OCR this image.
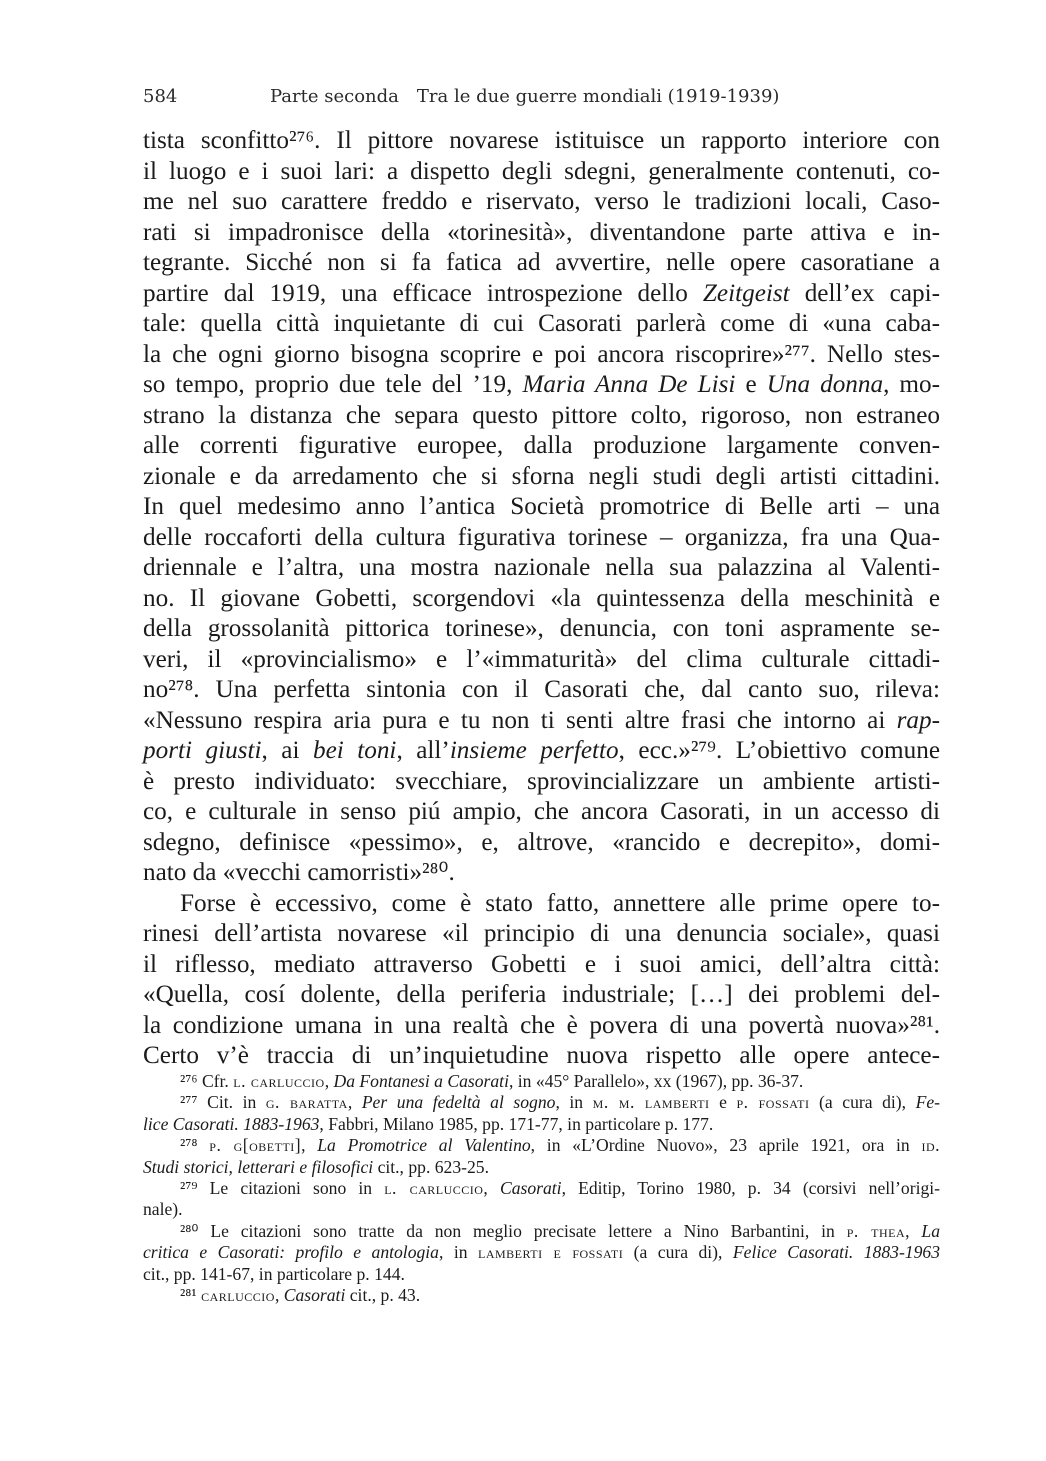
584	Parte seconda Tra le due guerre mondiali (1919-1939)
tista sconfitto²⁷⁶. Il pittore novarese istituisce un rapporto interiore con
il luogo e i suoi lari: a dispetto degli sdegni, generalmente contenuti, co-
me nel suo carattere freddo e riservato, verso le tradizioni locali, Caso-
rati si impadronisce della «torinesità», diventandone parte attiva e in-
tegrante. Sicché non si fa fatica ad avvertire, nelle opere casoratiane a
partire dal 1919, una efficace introspezione dello Zeitgeist dell’ex capi-
tale: quella città inquietante di cui Casorati parlerà come di «una caba-
la che ogni giorno bisogna scoprire e poi ancora riscoprire»²⁷⁷. Nello stes-
so tempo, proprio due tele del ’19, Maria Anna De Lisi e Una donna, mo-
strano la distanza che separa questo pittore colto, rigoroso, non estraneo
alle correnti figurative europee, dalla produzione largamente conven-
zionale e da arredamento che si sforna negli studi degli artisti cittadini.
In quel medesimo anno l’antica Società promotrice di Belle arti – una
delle roccaforti della cultura figurativa torinese – organizza, fra una Qua-
driennale e l’altra, una mostra nazionale nella sua palazzina al Valenti-
no. Il giovane Gobetti, scorgendovi «la quintessenza della meschinità e
della grossolanità pittorica torinese», denuncia, con toni aspramente se-
veri, il «provincialismo» e l’«immaturità» del clima culturale cittadi-
no²⁷⁸. Una perfetta sintonia con il Casorati che, dal canto suo, rileva:
«Nessuno respira aria pura e tu non ti senti altre frasi che intorno ai rap-
porti giusti, ai bei toni, all’insieme perfetto, ecc.»²⁷⁹. L’obiettivo comune
è presto individuato: svecchiare, sprovincializzare un ambiente artisti-
co, e culturale in senso piú ampio, che ancora Casorati, in un accesso di
sdegno, definisce «pessimo», e, altrove, «rancido e decrepito», domi-
nato da «vecchi camorristi»²⁸⁰.
Forse è eccessivo, come è stato fatto, annettere alle prime opere to-
rinesi dell’artista novarese «il principio di una denuncia sociale», quasi
il riflesso, mediato attraverso Gobetti e i suoi amici, dell’altra città:
«Quella, cosí dolente, della periferia industriale; […] dei problemi del-
la condizione umana in una realtà che è povera di una povertà nuova»²⁸¹.
Certo v’è traccia di un’inquietudine nuova rispetto alle opere antece-
²⁷⁶ Cfr. l. carluccio, Da Fontanesi a Casorati, in «45° Parallelo», xx (1967), pp. 36-37.
²⁷⁷ Cit. in g. baratta, Per una fedeltà al sogno, in m. m. lamberti e p. fossati (a cura di), Fe-
lice Casorati. 1883-1963, Fabbri, Milano 1985, pp. 171-77, in particolare p. 177.
²⁷⁸ p. g[obetti], La Promotrice al Valentino, in «L’Ordine Nuovo», 23 aprile 1921, ora in id.
Studi storici, letterari e filosofici cit., pp. 623-25.
²⁷⁹ Le citazioni sono in l. carluccio, Casorati, Editip, Torino 1980, p. 34 (corsivi nell’origi-
nale).
²⁸⁰ Le citazioni sono tratte da non meglio precisate lettere a Nino Barbantini, in p. thea, La
critica e Casorati: profilo e antologia, in lamberti e fossati (a cura di), Felice Casorati. 1883-1963
cit., pp. 141-67, in particolare p. 144.
²⁸¹ carluccio, Casorati cit., p. 43.
